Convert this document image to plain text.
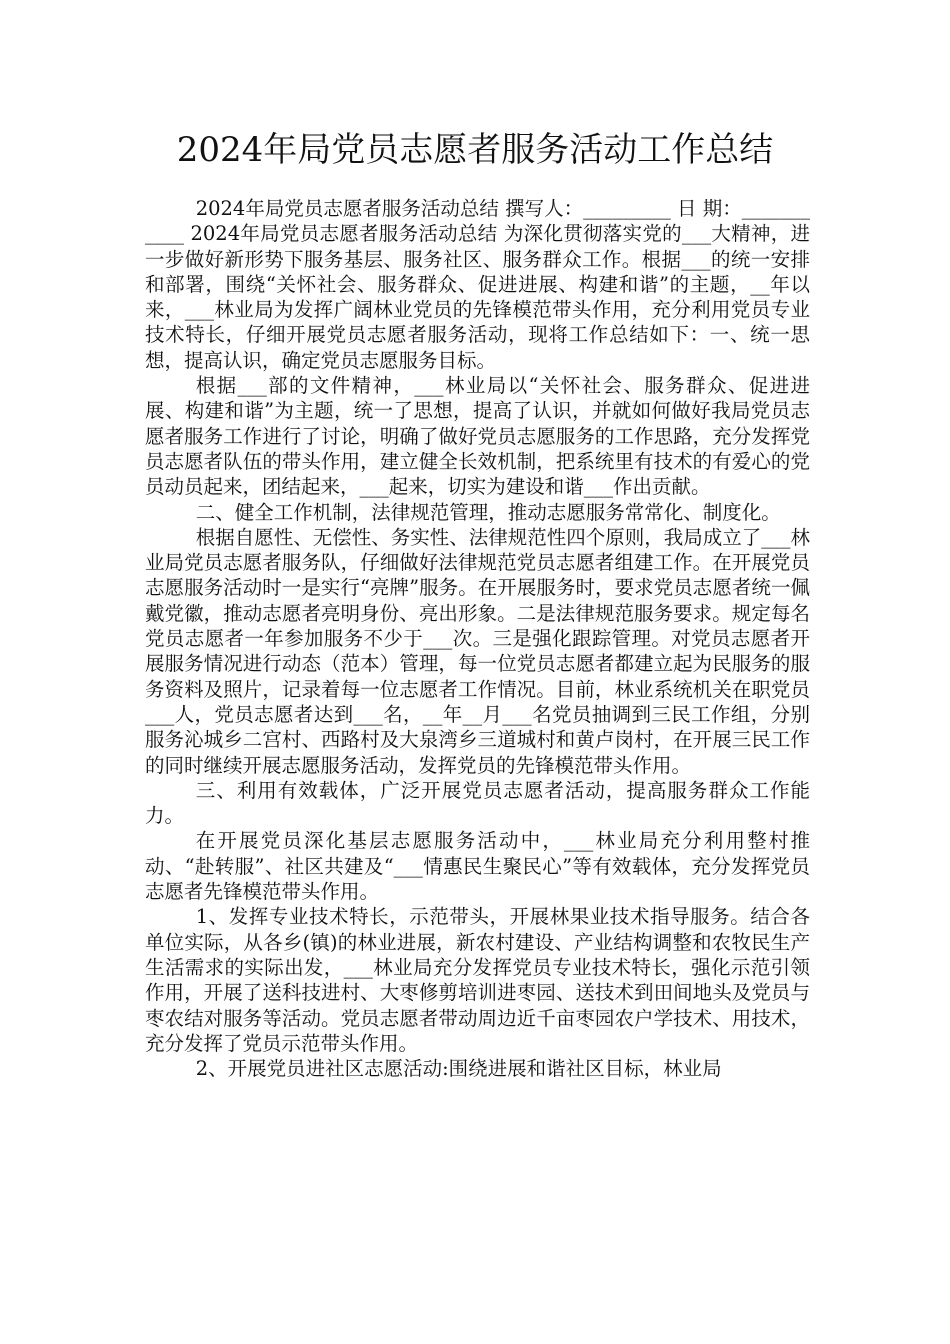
2024年局党员志愿者服务活动工作总结

2024年局党员志愿者服务活动总结 撰写人：_________ 日 期：___________ 2024年局党员志愿者服务活动总结 为深化贯彻落实党的___大精神，进一步做好新形势下服务基层、服务社区、服务群众工作。根据___的统一安排和部署，围绕“关怀社会、服务群众、促进进展、构建和谐”的主题，__年以来，___林业局为发挥广阔林业党员的先锋模范带头作用，充分利用党员专业技术特长，仔细开展党员志愿者服务活动，现将工作总结如下：一、统一思想，提高认识，确定党员志愿服务目标。

根据___部的文件精神，___林业局以“关怀社会、服务群众、促进进展、构建和谐”为主题，统一了思想，提高了认识，并就如何做好我局党员志愿者服务工作进行了讨论，明确了做好党员志愿服务的工作思路，充分发挥党员志愿者队伍的带头作用，建立健全长效机制，把系统里有技术的有爱心的党员动员起来，团结起来，___起来，切实为建设和谐___作出贡献。

二、健全工作机制，法律规范管理，推动志愿服务常常化、制度化。

根据自愿性、无偿性、务实性、法律规范性四个原则，我局成立了___林业局党员志愿者服务队，仔细做好法律规范党员志愿者组建工作。在开展党员志愿服务活动时一是实行“亮牌”服务。在开展服务时，要求党员志愿者统一佩戴党徽，推动志愿者亮明身份、亮出形象。二是法律规范服务要求。规定每名党员志愿者一年参加服务不少于___次。三是强化跟踪管理。对党员志愿者开展服务情况进行动态（范本）管理，每一位党员志愿者都建立起为民服务的服务资料及照片，记录着每一位志愿者工作情况。目前，林业系统机关在职党员___人，党员志愿者达到___名，__年__月___名党员抽调到三民工作组，分别服务沁城乡二宫村、西路村及大泉湾乡三道城村和黄卢岗村，在开展三民工作的同时继续开展志愿服务活动，发挥党员的先锋模范带头作用。

三、利用有效载体，广泛开展党员志愿者活动，提高服务群众工作能力。

在开展党员深化基层志愿服务活动中，___林业局充分利用整村推动、“赴转服”、社区共建及“___情惠民生聚民心”等有效载体，充分发挥党员志愿者先锋模范带头作用。

1、发挥专业技术特长，示范带头，开展林果业技术指导服务。结合各单位实际，从各乡(镇)的林业进展，新农村建设、产业结构调整和农牧民生产生活需求的实际出发，___林业局充分发挥党员专业技术特长，强化示范引领作用，开展了送科技进村、大枣修剪培训进枣园、送技术到田间地头及党员与枣农结对服务等活动。党员志愿者带动周边近千亩枣园农户学技术、用技术，充分发挥了党员示范带头作用。

2、开展党员进社区志愿活动:围绕进展和谐社区目标，林业局
